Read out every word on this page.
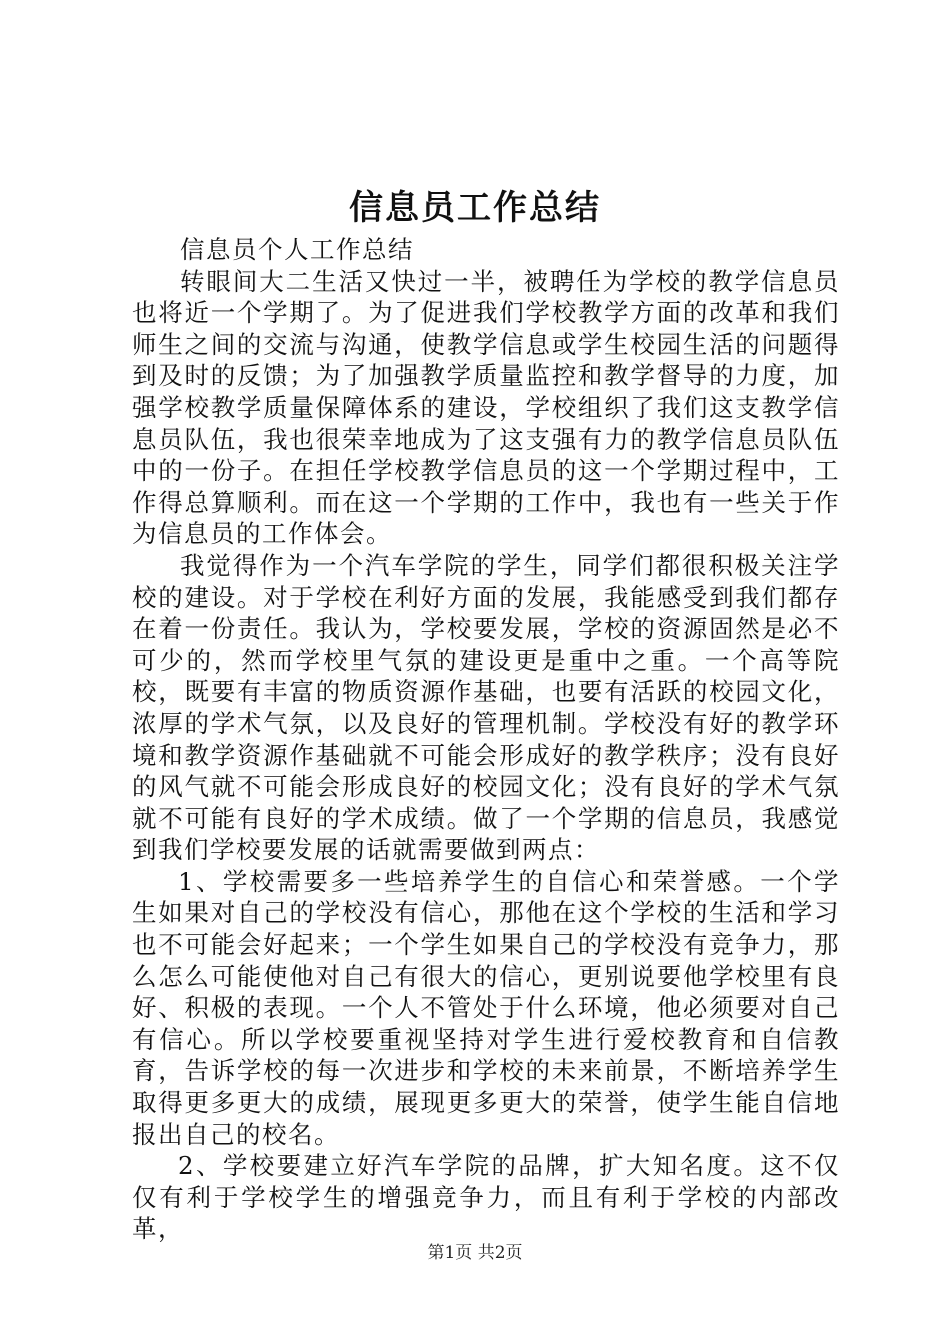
信息员工作总结

信息员个人工作总结

转眼间大二生活又快过一半，被聘任为学校的教学信息员也将近一个学期了。为了促进我们学校教学方面的改革和我们师生之间的交流与沟通，使教学信息或学生校园生活的问题得到及时的反馈；为了加强教学质量监控和教学督导的力度，加强学校教学质量保障体系的建设，学校组织了我们这支教学信息员队伍，我也很荣幸地成为了这支强有力的教学信息员队伍中的一份子。在担任学校教学信息员的这一个学期过程中，工作得总算顺利。而在这一个学期的工作中，我也有一些关于作为信息员的工作体会。

我觉得作为一个汽车学院的学生，同学们都很积极关注学校的建设。对于学校在利好方面的发展，我能感受到我们都存在着一份责任。我认为，学校要发展，学校的资源固然是必不可少的，然而学校里气氛的建设更是重中之重。一个高等院校，既要有丰富的物质资源作基础，也要有活跃的校园文化，浓厚的学术气氛，以及良好的管理机制。学校没有好的教学环境和教学资源作基础就不可能会形成好的教学秩序；没有良好的风气就不可能会形成良好的校园文化；没有良好的学术气氛就不可能有良好的学术成绩。做了一个学期的信息员，我感觉到我们学校要发展的话就需要做到两点：

1、学校需要多一些培养学生的自信心和荣誉感。一个学生如果对自己的学校没有信心，那他在这个学校的生活和学习也不可能会好起来；一个学生如果自己的学校没有竞争力，那么怎么可能使他对自己有很大的信心，更别说要他学校里有良好、积极的表现。一个人不管处于什么环境，他必须要对自己有信心。所以学校要重视坚持对学生进行爱校教育和自信教育，告诉学校的每一次进步和学校的未来前景，不断培养学生取得更多更大的成绩，展现更多更大的荣誉，使学生能自信地报出自己的校名。

2、学校要建立好汽车学院的品牌，扩大知名度。这不仅仅有利于学校学生的增强竞争力，而且有利于学校的内部改革，

第1页 共2页
